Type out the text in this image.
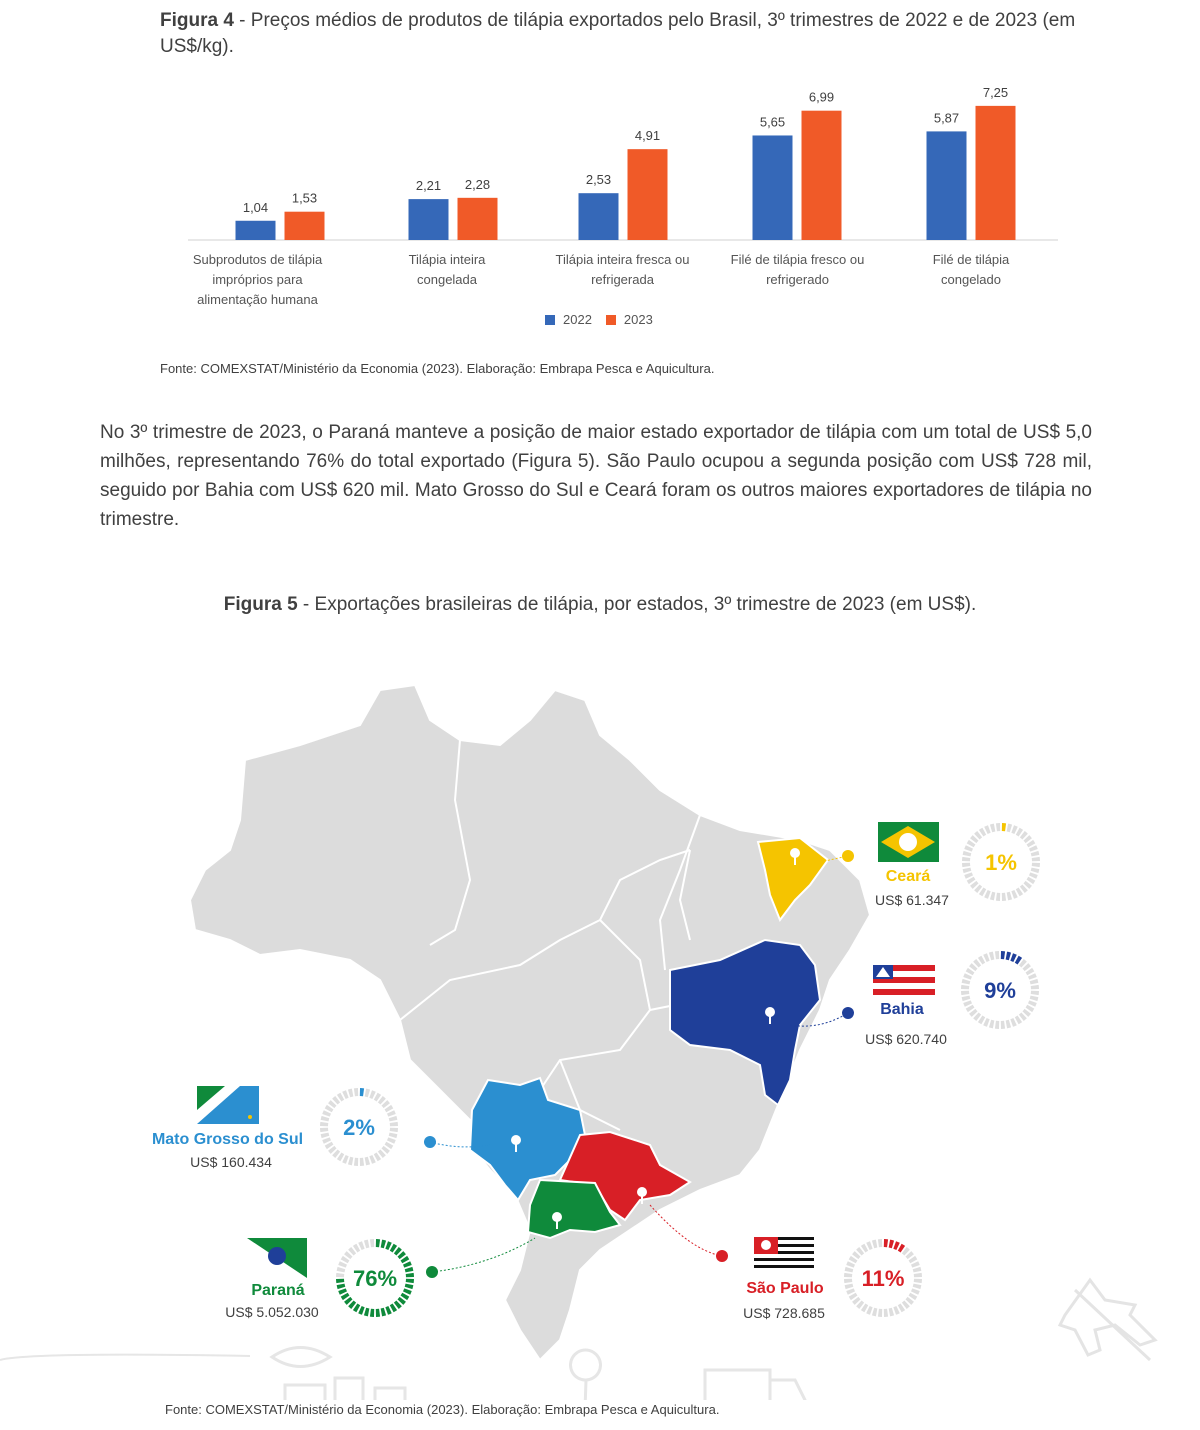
Figura 4 - Preços médios de produtos de tilápia exportados pelo Brasil, 3º trimestres de 2022 e de 2023 (em US$/kg).
1,04
1,53
2,21 2,28	2,53
4,91
5,65
6,99
5,87
7,25
Subprodutos de tilápia impróprios para alimentação humana
Tilápia inteira congelada
Tilápia inteira fresca ou refrigerada
Filé de tilápia fresco ou refrigerado
Filé de tilápia congelado
2022 2023
Fonte: COMEXSTAT/Ministério da Economia (2023). Elaboração: Embrapa Pesca e Aquicultura.
No 3º trimestre de 2023, o Paraná manteve a posição de maior estado exportador de tilápia com um total de US$ 5,0 milhões, representando 76% do total exportado (Figura 5). São Paulo ocupou a segunda posição com US$ 728 mil, seguido por Bahia com US$ 620 mil. Mato Grosso do Sul e Ceará foram os outros maiores exportadores de tilápia no trimestre.
Figura 5 - Exportações brasileiras de tilápia, por estados, 3º trimestre de 2023 (em US$).
1%
9%
2%
76%	11%
Ceará
US$ 61.347
Bahia
US$ 620.740
Mato Grosso do Sul
US$ 160.434
Paraná
US$ 5.052.030
São Paulo
US$ 728.685
Fonte: COMEXSTAT/Ministério da Economia (2023). Elaboração: Embrapa Pesca e Aquicultura.
